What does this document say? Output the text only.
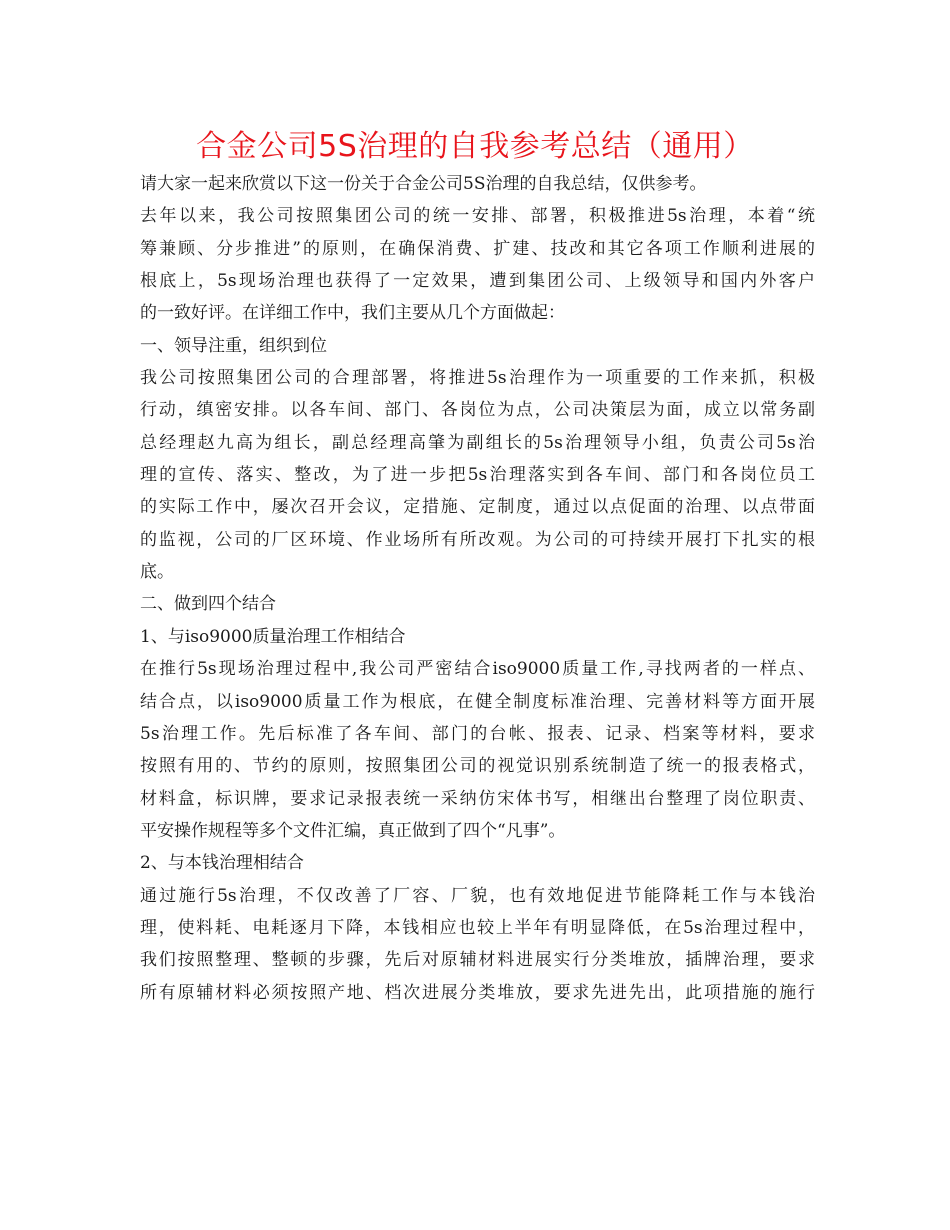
合金公司5S治理的自我参考总结（通用）
请大家一起来欣赏以下这一份关于合金公司5S治理的自我总结，仅供参考。
去年以来，我公司按照集团公司的统一安排、部署，积极推进5s治理，本着“统
筹兼顾、分步推进”的原则，在确保消费、扩建、技改和其它各项工作顺利进展的
根底上，5s现场治理也获得了一定效果，遭到集团公司、上级领导和国内外客户
的一致好评。在详细工作中，我们主要从几个方面做起：
一、领导注重，组织到位
我公司按照集团公司的合理部署，将推进5s治理作为一项重要的工作来抓，积极
行动，缜密安排。以各车间、部门、各岗位为点，公司决策层为面，成立以常务副
总经理赵九高为组长，副总经理高肇为副组长的5s治理领导小组，负责公司5s治
理的宣传、落实、整改，为了进一步把5s治理落实到各车间、部门和各岗位员工
的实际工作中，屡次召开会议，定措施、定制度，通过以点促面的治理、以点带面
的监视，公司的厂区环境、作业场所有所改观。为公司的可持续开展打下扎实的根
底。
二、做到四个结合
1、与iso9000质量治理工作相结合
在推行5s现场治理过程中,我公司严密结合iso9000质量工作,寻找两者的一样点、
结合点，以iso9000质量工作为根底，在健全制度标准治理、完善材料等方面开展
5s治理工作。先后标准了各车间、部门的台帐、报表、记录、档案等材料，要求
按照有用的、节约的原则，按照集团公司的视觉识别系统制造了统一的报表格式，
材料盒，标识牌，要求记录报表统一采纳仿宋体书写，相继出台整理了岗位职责、
平安操作规程等多个文件汇编，真正做到了四个“凡事”。
2、与本钱治理相结合
通过施行5s治理，不仅改善了厂容、厂貌，也有效地促进节能降耗工作与本钱治
理，使料耗、电耗逐月下降，本钱相应也较上半年有明显降低，在5s治理过程中，
我们按照整理、整顿的步骤，先后对原辅材料进展实行分类堆放，插牌治理，要求
所有原辅材料必须按照产地、档次进展分类堆放，要求先进先出，此项措施的施行
